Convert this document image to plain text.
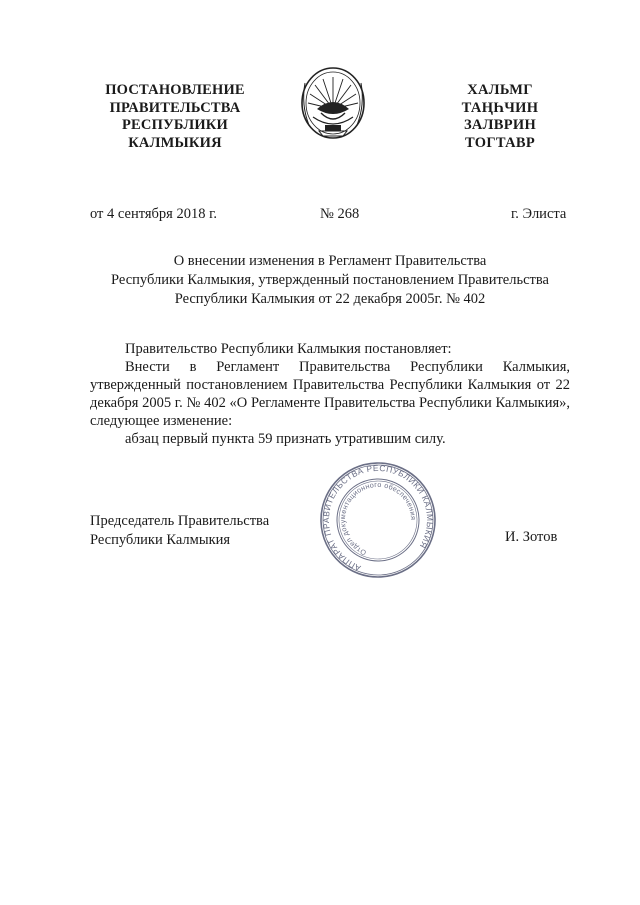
ПОСТАНОВЛЕНИЕ
ПРАВИТЕЛЬСТВА
РЕСПУБЛИКИ
КАЛМЫКИЯ
ХАЛЬМГ
ТАҢҺЧИН
ЗАЛВРИН
ТОГТАВР
от 4 сентября 2018 г.	№ 268	г. Элиста
О внесении изменения в Регламент Правительства
Республики Калмыкия, утвержденный постановлением Правительства
Республики Калмыкия от 22 декабря 2005г. № 402

Правительство Республики Калмыкия постановляет:

Внести в Регламент Правительства Республики Калмыкия, утвержденный постановлением Правительства Республики Калмыкия от 22 декабря 2005 г. № 402 «О Регламенте Правительства Республики Калмыкия», следующее изменение:

абзац первый пункта 59 признать утратившим силу.

АППАРАТ ПРАВИТЕЛЬСТВА РЕСПУБЛИКИ КАЛМЫКИЯ
Отдел документационного обеспечения
Председатель Правительства
Республики Калмыкия	И. Зотов
